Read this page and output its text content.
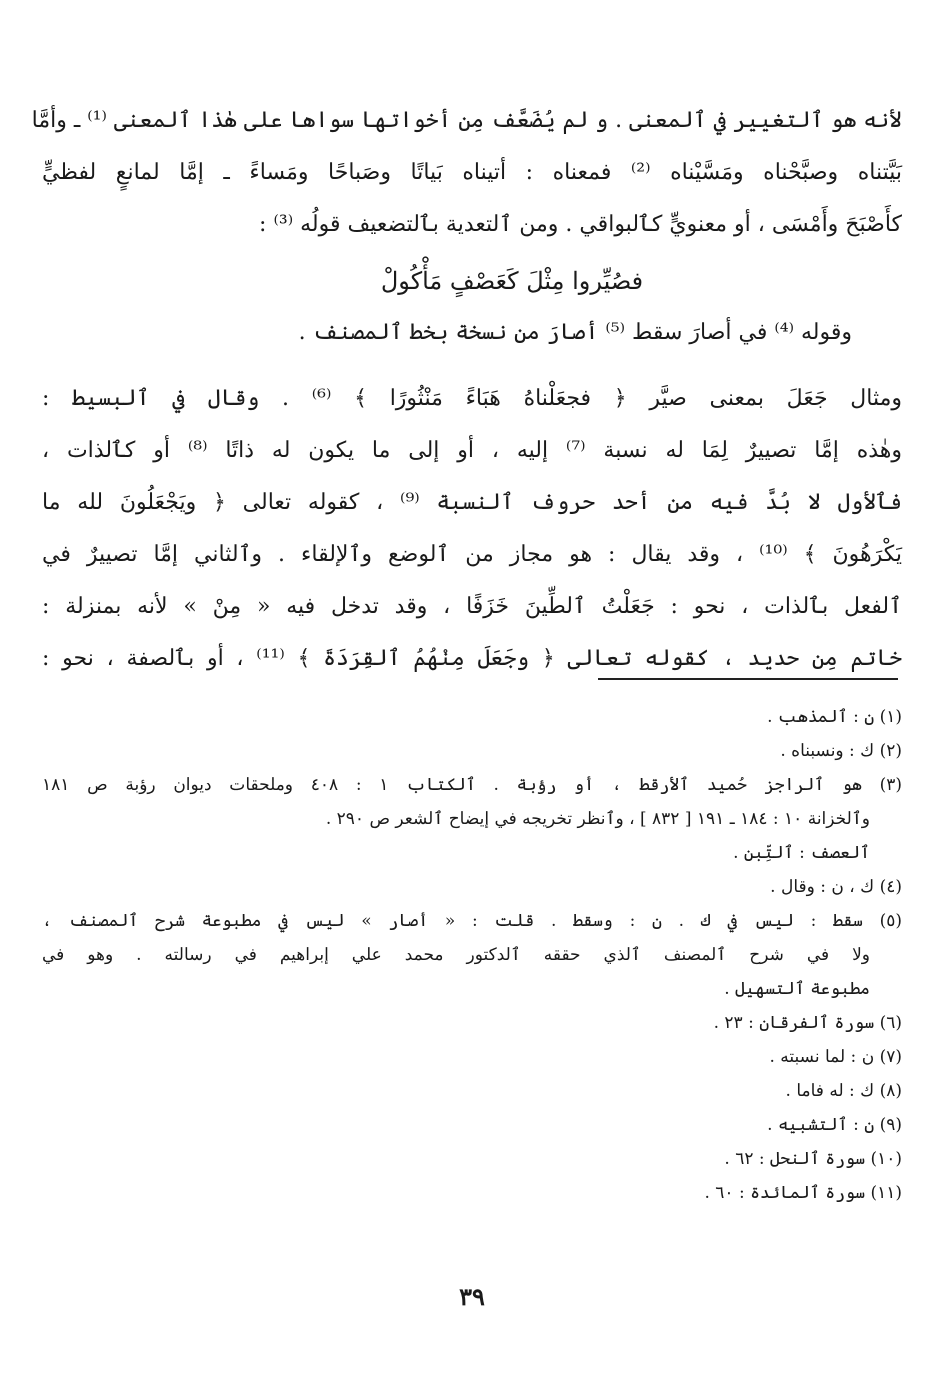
لأنه هو ٱلتغيير في ٱلمعنى . و لم يُضَعَّف مِن أخواتها سواها على هٰذا ٱلمعنى ⁽¹⁾ ـ وأمَّا
بَيَّتناه وصبَّحْناه ومَسَّيْناه ⁽²⁾ فمعناه : أتيناه بَياتًا وصَباحًا ومَساءً ـ إمَّا لمانعٍ لفظيٍّ
كأَصْبَحَ وأَمْسَى ، أو معنويٍّ كٱلبواقي . ومن ٱلتعدية بٱلتضعيف قولُه ⁽³⁾ :
فصُيِّروا مِثْلَ كَعَصْفٍ مَأْكُولْ
وقوله ⁽⁴⁾ في أصارَ سقط ⁽⁵⁾ أصارَ من نسخة بخط ٱلمصنف .
ومثال جَعَلَ بمعنى صيَّر ﴿ فجعَلْناهُ هَبَاءً مَنْثُورًا ﴾ ⁽⁶⁾ . وقال في ٱلبسيط :
وهٰذه إمَّا تصييرٌ لِمَا له نسبة ⁽⁷⁾ إليه ، أو إلى ما يكون له ذاتًا ⁽⁸⁾ أو كٱلذات ،
فٱلأول لا بُدَّ فيه من أحد حروف ٱلنسبة ⁽⁹⁾ ، كقوله تعالى ﴿ ويَجْعَلُونَ لله ما
يَكْرَهُونَ ﴾ ⁽¹⁰⁾ ، وقد يقال : هو مجاز من ٱلوضع وٱلإلقاء . وٱلثاني إمَّا تصييرٌ في
ٱلفعل بٱلذات ، نحو : جَعَلْتُ ٱلطِّينَ خَزَفًا ، وقد تدخل فيه « مِنْ » لأنه بمنزلة :
خاتم مِن حديد ، كقوله تعالى ﴿ وجَعَلَ مِنْهُمُ ٱلقِرَدَةَ ﴾ ⁽¹¹⁾ ، أو بٱلصفة ، نحو :
(١) ن : ٱلمذهب .
(٢) ك : ونسبناه .
(٣) هو ٱلراجز حُميد ٱلأرقط ، أو رؤبة . ٱلكتاب ١ : ٤٠٨ وملحقات ديوان رؤبة ص ١٨١
وٱلخزانة ١٠ : ١٨٤ ـ ١٩١ [ ٨٣٢ ] ، وٱنظر تخريجه في إيضاح ٱلشعر ص ٢٩٠ .
ٱلعصف : ٱلتِّبن .
(٤) ك ، ن : وقال .
(٥) سقط : ليس في ك . ن : وسقط . قلت : « أصار » ليس في مطبوعة شرح ٱلمصنف ،
ولا في شرح ٱلمصنف ٱلذي حققه ٱلدكتور محمد علي إبراهيم في رسالته . وهو في
مطبوعة ٱلتسهيل .
(٦) سورة ٱلفرقان : ٢٣ .
(٧) ن : لما نسبته .
(٨) ك : له فاما .
(٩) ن : ٱلتشبيه .
(١٠) سورة ٱلنحل : ٦٢ .
(١١) سورة ٱلمائدة : ٦٠ .
٣٩
